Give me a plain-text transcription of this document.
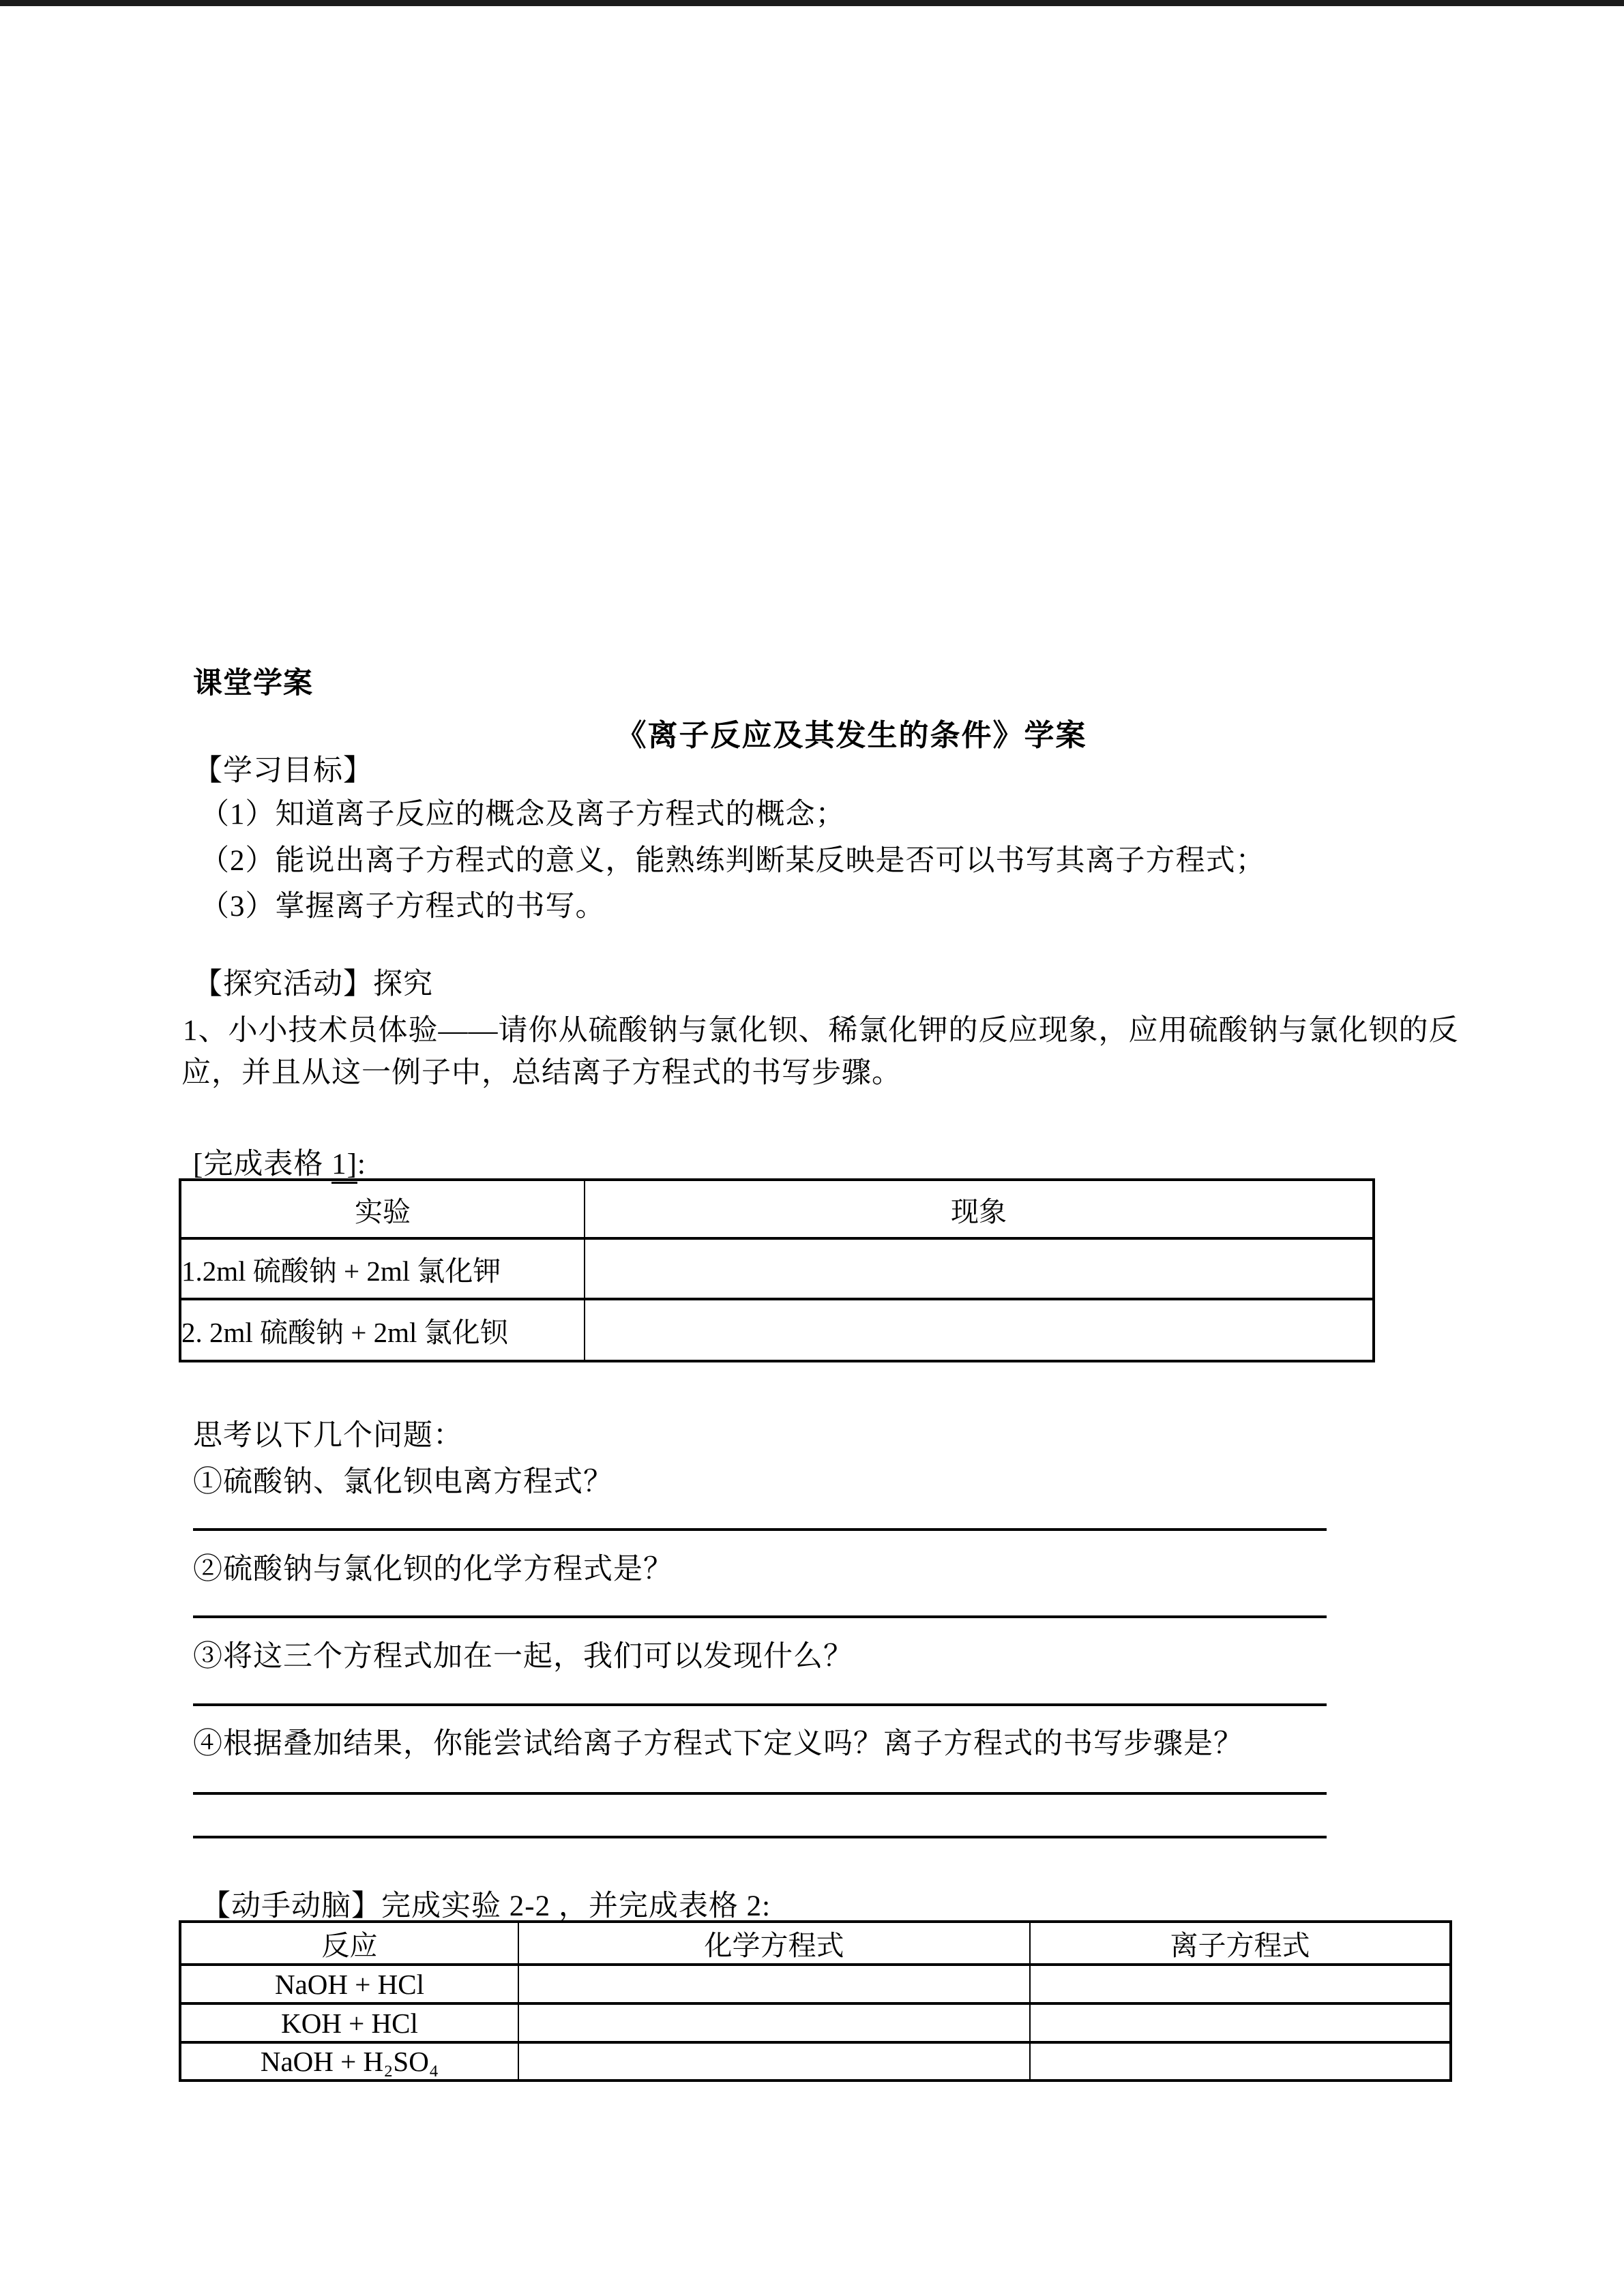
课堂学案
《离子反应及其发生的条件》学案
【学习目标】
（1）知道离子反应的概念及离子方程式的概念；
（2）能说出离子方程式的意义，能熟练判断某反映是否可以书写其离子方程式；
（3）掌握离子方程式的书写。
【探究活动】探究
1、小小技术员体验——请你从硫酸钠与氯化钡、稀氯化钾的反应现象，应用硫酸钠与氯化钡的反
应，并且从这一例子中，总结离子方程式的书写步骤。
[完成表格 1]:
实验	现象
1.2ml 硫酸钠 + 2ml 氯化钾	
2. 2ml 硫酸钠 + 2ml 氯化钡	
思考以下几个问题：
①硫酸钠、氯化钡电离方程式？
②硫酸钠与氯化钡的化学方程式是？
③将这三个方程式加在一起，我们可以发现什么？
④根据叠加结果，你能尝试给离子方程式下定义吗？离子方程式的书写步骤是？
【动手动脑】完成实验 2-2 ，并完成表格 2:
反应	化学方程式	离子方程式
NaOH + HCl		
KOH + HCl		
NaOH + H₂SO₄		
